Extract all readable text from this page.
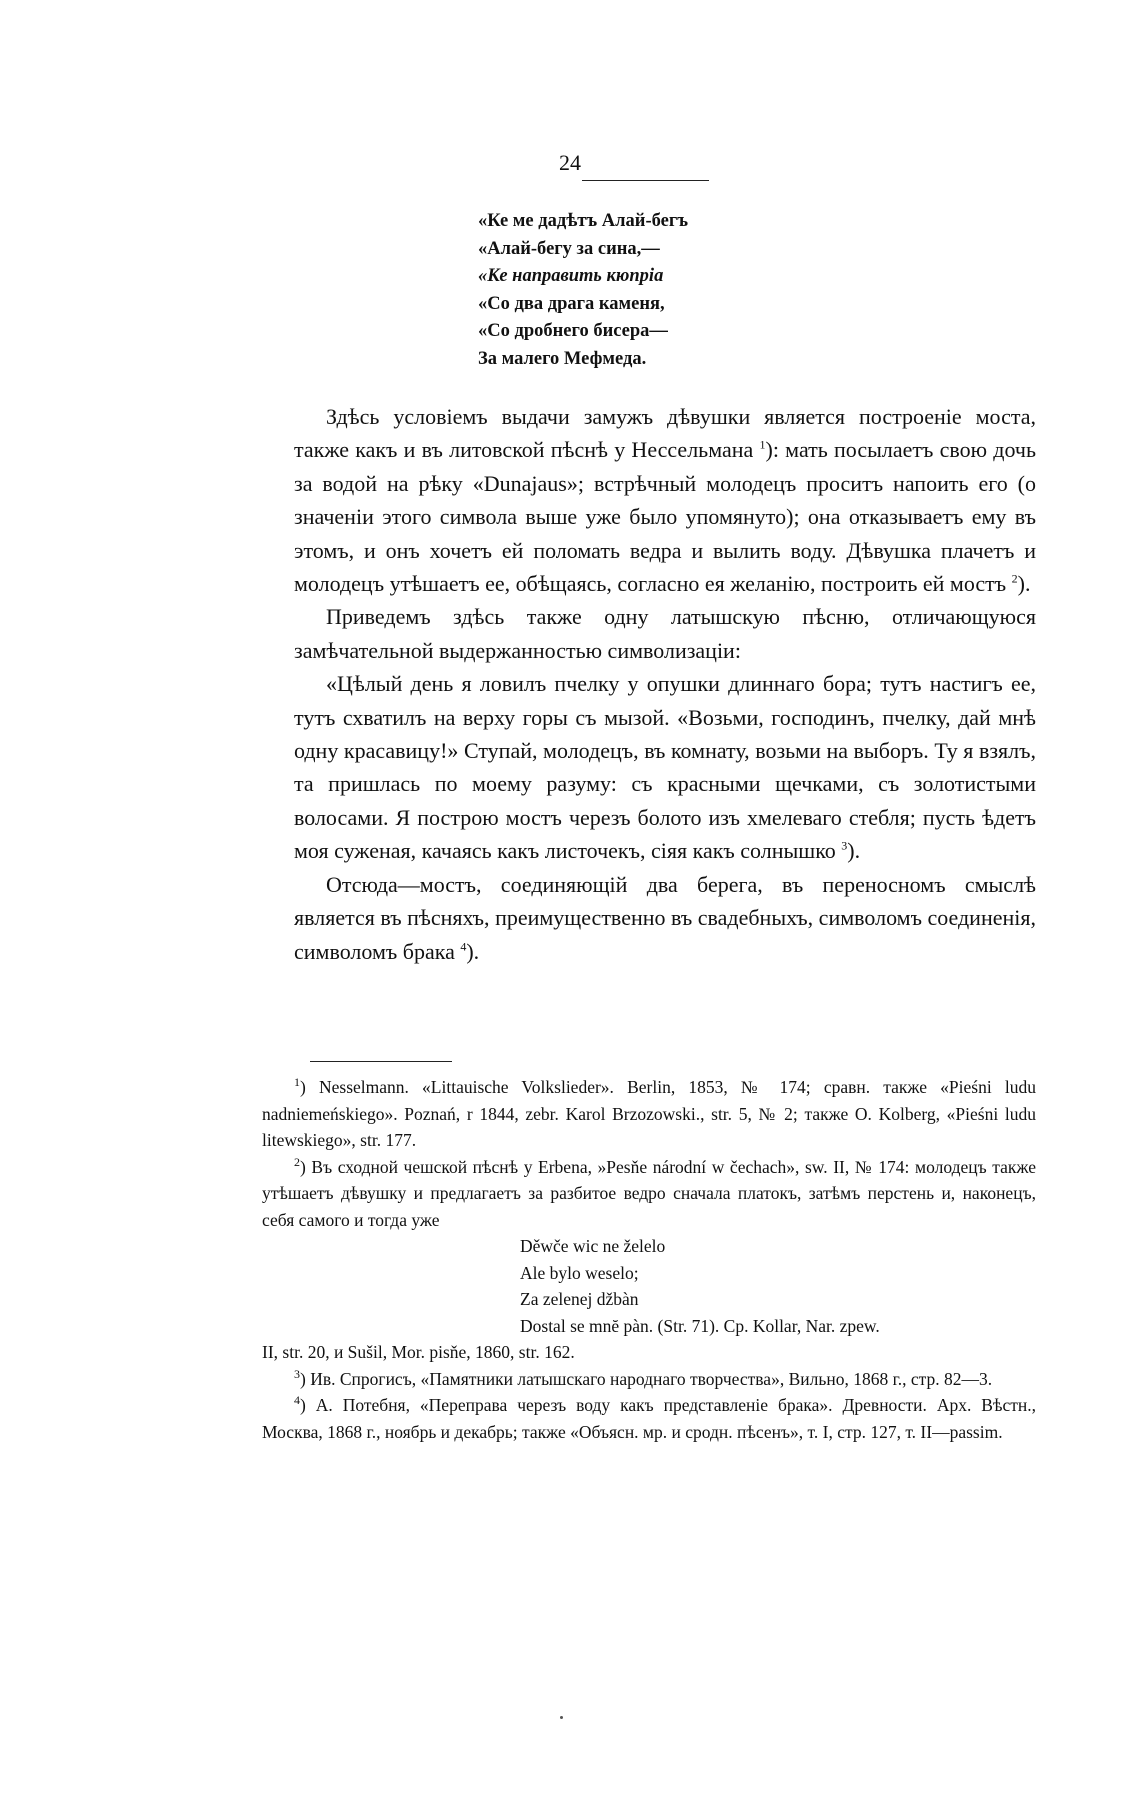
24
«Ке ме дадѣтъ Алай-бегъ
«Алай-бегу за сина,—
«Ке направить кюпріа
«Со два драга каменя,
«Со дробнего бисера—
За малего Мефмеда.

Здѣсь условіемъ выдачи замужъ дѣвушки является построеніе моста, также какъ и въ литовской пѣснѣ у Нессельмана $^1$): мать посылаетъ свою дочь за водой на рѣку «Dunajaus»; встрѣчный молодецъ проситъ напоить его (о значеніи этого символа выше уже было упомянуто); она отказываетъ ему въ этомъ, и онъ хочетъ ей поломать ведра и вылить воду. Дѣвушка плачетъ и молодецъ утѣшаетъ ее, обѣщаясь, согласно ея желанію, построить ей мостъ $^2$).

Приведемъ здѣсь также одну латышскую пѣсню, отличающуюся замѣчательной выдержанностью символизаціи:

«Цѣлый день я ловилъ пчелку у опушки длиннаго бора; тутъ настигъ ее, тутъ схватилъ на верху горы съ мызой. «Возьми, господинъ, пчелку, дай мнѣ одну красавицу!» Ступай, молодецъ, въ комнату, возьми на выборъ. Ту я взялъ, та пришлась по моему разуму: съ красными щечками, съ золотистыми волосами. Я построю мостъ черезъ болото изъ хмелеваго стебля; пусть ѣдетъ моя суженая, качаясь какъ листочекъ, сіяя какъ солнышко $^3$).

Отсюда—мостъ, соединяющій два берега, въ переносномъ смыслѣ является въ пѣсняхъ, преимущественно въ свадебныхъ, символомъ соединенія, символомъ брака $^4$).

$^1$) Nesselmann. «Littauische Volkslieder». Berlin, 1853, № 174; сравн. также «Pieśni ludu nadniemeńskiego». Poznań, r 1844, zebr. Karol Brzozowski., str. 5, № 2; также O. Kolberg, «Pieśni ludu litewskiego», str. 177.

$^2$) Въ сходной чешской пѣснѣ у Erbena, »Pesňe národní w čechach», sw. II, № 174: молодецъ также утѣшаетъ дѣвушку и предлагаетъ за разбитое ведро сначала платокъ, затѣмъ перстень и, наконецъ, себя самого и тогда уже

Děwče wic ne želelo
Ale bylo weselo;
Za zelenej džbàn
Dostal se mnĕ pàn. (Str. 71). Cp. Kollar, Nar. zpew.

II, str. 20, и Sušil, Mor. pisňe, 1860, str. 162.

$^3$) Ив. Спрогисъ, «Памятники латышскаго народнаго творчества», Вильно, 1868 г., стр. 82—3.

$^4$) А. Потебня, «Переправа черезъ воду какъ представленіе брака». Древности. Арх. Вѣстн., Москва, 1868 г., ноябрь и декабрь; также «Объясн. мр. и сродн. пѣсенъ», т. I, стр. 127, т. II—passim.
